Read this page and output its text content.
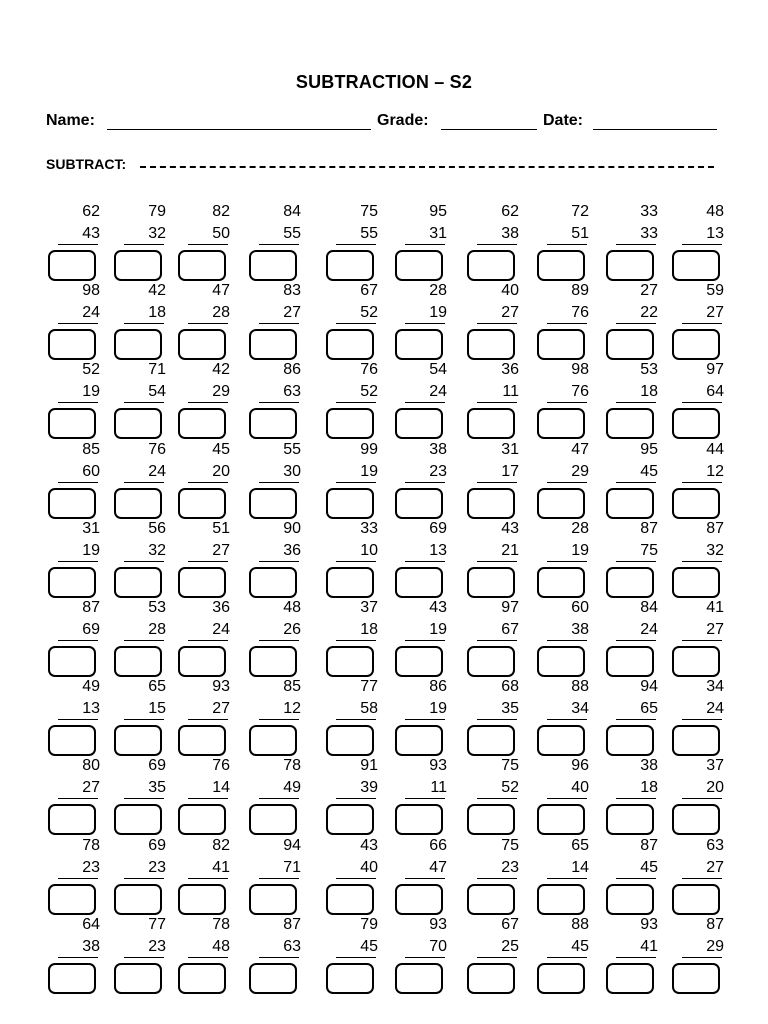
SUBTRACTION – S2
Name:	Grade:	Date:
SUBTRACT:
62
43
79
32
82
50
84
55
75
55
95
31
62
38
72
51
33
33
48
13
98
24
42
18
47
28
83
27
67
52
28
19
40
27
89
76
27
22
59
27
52
19
71
54
42
29
86
63
76
52
54
24
36
11
98
76
53
18
97
64
85
60
76
24
45
20
55
30
99
19
38
23
31
17
47
29
95
45
44
12
31
19
56
32
51
27
90
36
33
10
69
13
43
21
28
19
87
75
87
32
87
69
53
28
36
24
48
26
37
18
43
19
97
67
60
38
84
24
41
27
49
13
65
15
93
27
85
12
77
58
86
19
68
35
88
34
94
65
34
24
80
27
69
35
76
14
78
49
91
39
93
11
75
52
96
40
38
18
37
20
78
23
69
23
82
41
94
71
43
40
66
47
75
23
65
14
87
45
63
27
64
38
77
23
78
48
87
63
79
45
93
70
67
25
88
45
93
41
87
29
